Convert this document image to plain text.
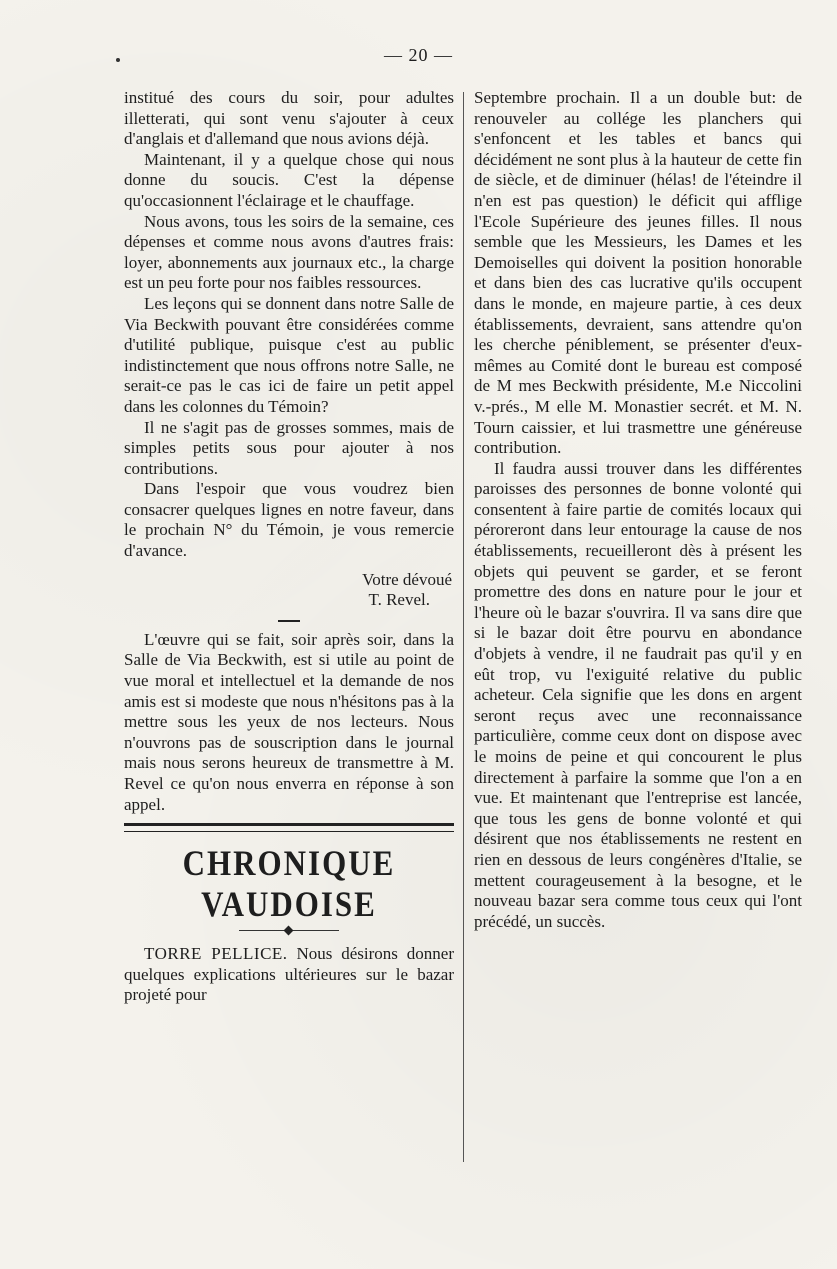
— 20 —

institué des cours du soir, pour adultes illetterati, qui sont venu s'ajouter à ceux d'anglais et d'allemand que nous avions déjà.

Maintenant, il y a quelque chose qui nous donne du soucis. C'est la dépense qu'occasionnent l'éclairage et le chauffage.

Nous avons, tous les soirs de la semaine, ces dépenses et comme nous avons d'autres frais: loyer, abonnements aux journaux etc., la charge est un peu forte pour nos faibles ressources.

Les leçons qui se donnent dans notre Salle de Via Beckwith pouvant être considérées comme d'utilité publique, puisque c'est au public indistinctement que nous offrons notre Salle, ne serait-ce pas le cas ici de faire un petit appel dans les colonnes du Témoin?

Il ne s'agit pas de grosses sommes, mais de simples petits sous pour ajouter à nos contributions.

Dans l'espoir que vous voudrez bien consacrer quelques lignes en notre faveur, dans le prochain N° du Témoin, je vous remercie d'avance.

Votre dévoué
T. Revel.

L'œuvre qui se fait, soir après soir, dans la Salle de Via Beckwith, est si utile au point de vue moral et intellectuel et la demande de nos amis est si modeste que nous n'hésitons pas à la mettre sous les yeux de nos lecteurs. Nous n'ouvrons pas de souscription dans le journal mais nous serons heureux de transmettre à M. Revel ce qu'on nous enverra en réponse à son appel.

CHRONIQUE VAUDOISE

TORRE PELLICE. Nous désirons donner quelques explications ultérieures sur le bazar projeté pour

Septembre prochain. Il a un double but: de renouveler au collége les planchers qui s'enfoncent et les tables et bancs qui décidément ne sont plus à la hauteur de cette fin de siècle, et de diminuer (hélas! de l'éteindre il n'en est pas question) le déficit qui afflige l'Ecole Supérieure des jeunes filles. Il nous semble que les Messieurs, les Dames et les Demoiselles qui doivent la position honorable et dans bien des cas lucrative qu'ils occupent dans le monde, en majeure partie, à ces deux établissements, devraient, sans attendre qu'on les cherche péniblement, se présenter d'eux-mêmes au Comité dont le bureau est composé de M mes Beckwith présidente, M.e Niccolini v.-prés., M elle M. Monastier secrét. et M. N. Tourn caissier, et lui trasmettre une généreuse contribution.

Il faudra aussi trouver dans les différentes paroisses des personnes de bonne volonté qui consentent à faire partie de comités locaux qui péroreront dans leur entourage la cause de nos établissements, recueilleront dès à présent les objets qui peuvent se garder, et se feront promettre des dons en nature pour le jour et l'heure où le bazar s'ouvrira. Il va sans dire que si le bazar doit être pourvu en abondance d'objets à vendre, il ne faudrait pas qu'il y en eût trop, vu l'exiguité relative du public acheteur. Cela signifie que les dons en argent seront reçus avec une reconnaissance particulière, comme ceux dont on dispose avec le moins de peine et qui concourent le plus directement à parfaire la somme que l'on a en vue. Et maintenant que l'entreprise est lancée, que tous les gens de bonne volonté et qui désirent que nos établissements ne restent en rien en dessous de leurs congénères d'Italie, se mettent courageusement à la besogne, et le nouveau bazar sera comme tous ceux qui l'ont précédé, un succès.
